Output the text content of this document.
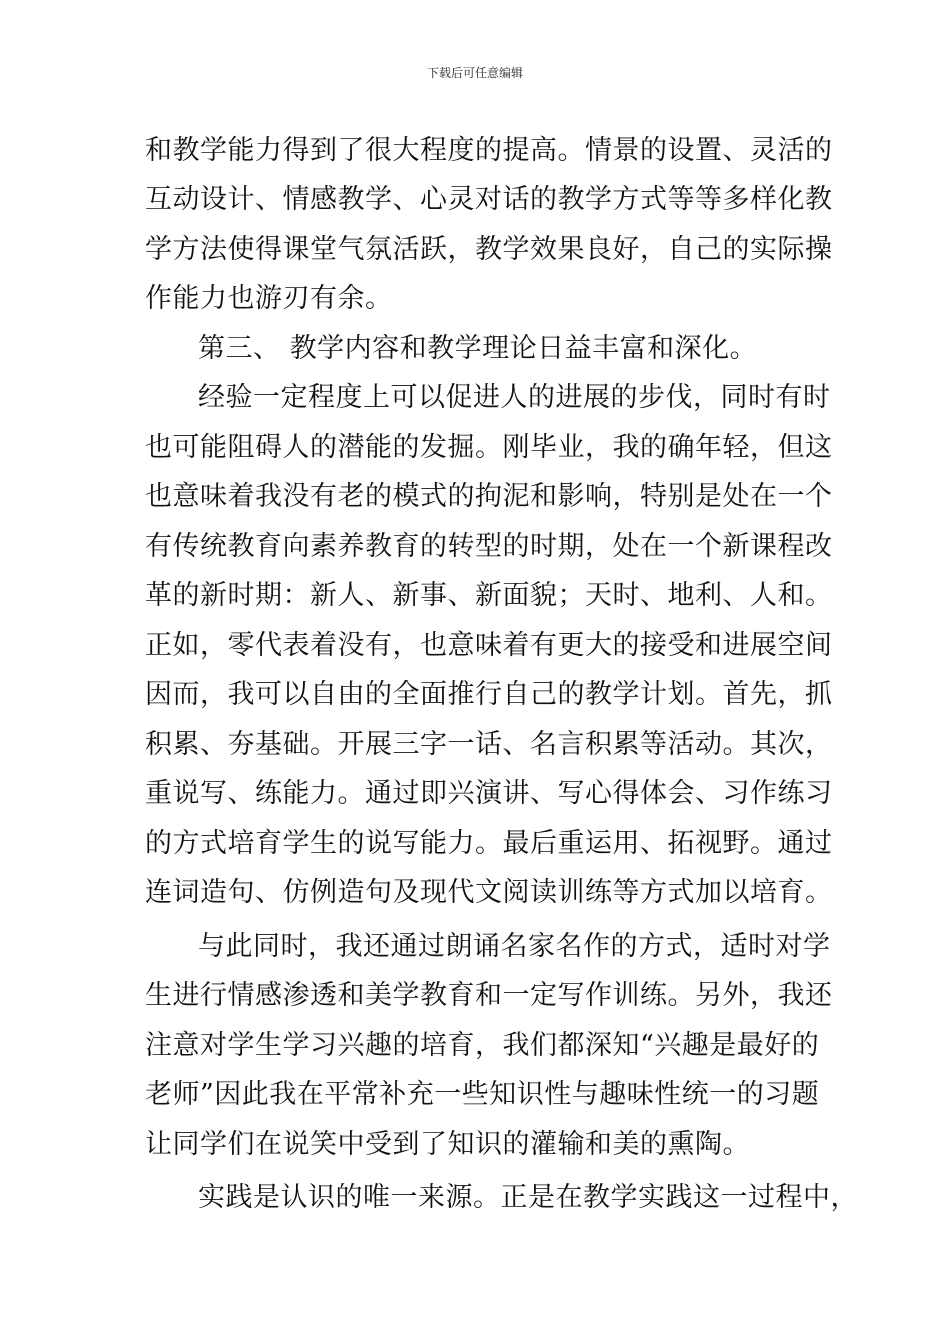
下载后可任意编辑
和教学能力得到了很大程度的提高。情景的设置、灵活的
互动设计、情感教学、心灵对话的教学方式等等多样化教
学方法使得课堂气氛活跃，教学效果良好，自己的实际操
作能力也游刃有余。
第三、 教学内容和教学理论日益丰富和深化。
经验一定程度上可以促进人的进展的步伐，同时有时
也可能阻碍人的潜能的发掘。刚毕业，我的确年轻，但这
也意味着我没有老的模式的拘泥和影响，特别是处在一个
有传统教育向素养教育的转型的时期，处在一个新课程改
革的新时期：新人、新事、新面貌；天时、地利、人和。
正如，零代表着没有，也意味着有更大的接受和进展空间
因而，我可以自由的全面推行自己的教学计划。首先，抓
积累、夯基础。开展三字一话、名言积累等活动。其次，
重说写、练能力。通过即兴演讲、写心得体会、习作练习
的方式培育学生的说写能力。最后重运用、拓视野。通过
连词造句、仿例造句及现代文阅读训练等方式加以培育。
与此同时，我还通过朗诵名家名作的方式，适时对学
生进行情感渗透和美学教育和一定写作训练。另外，我还
注意对学生学习兴趣的培育，我们都深知“兴趣是最好的
老师”因此我在平常补充一些知识性与趣味性统一的习题
让同学们在说笑中受到了知识的灌输和美的熏陶。
实践是认识的唯一来源。正是在教学实践这一过程中，
